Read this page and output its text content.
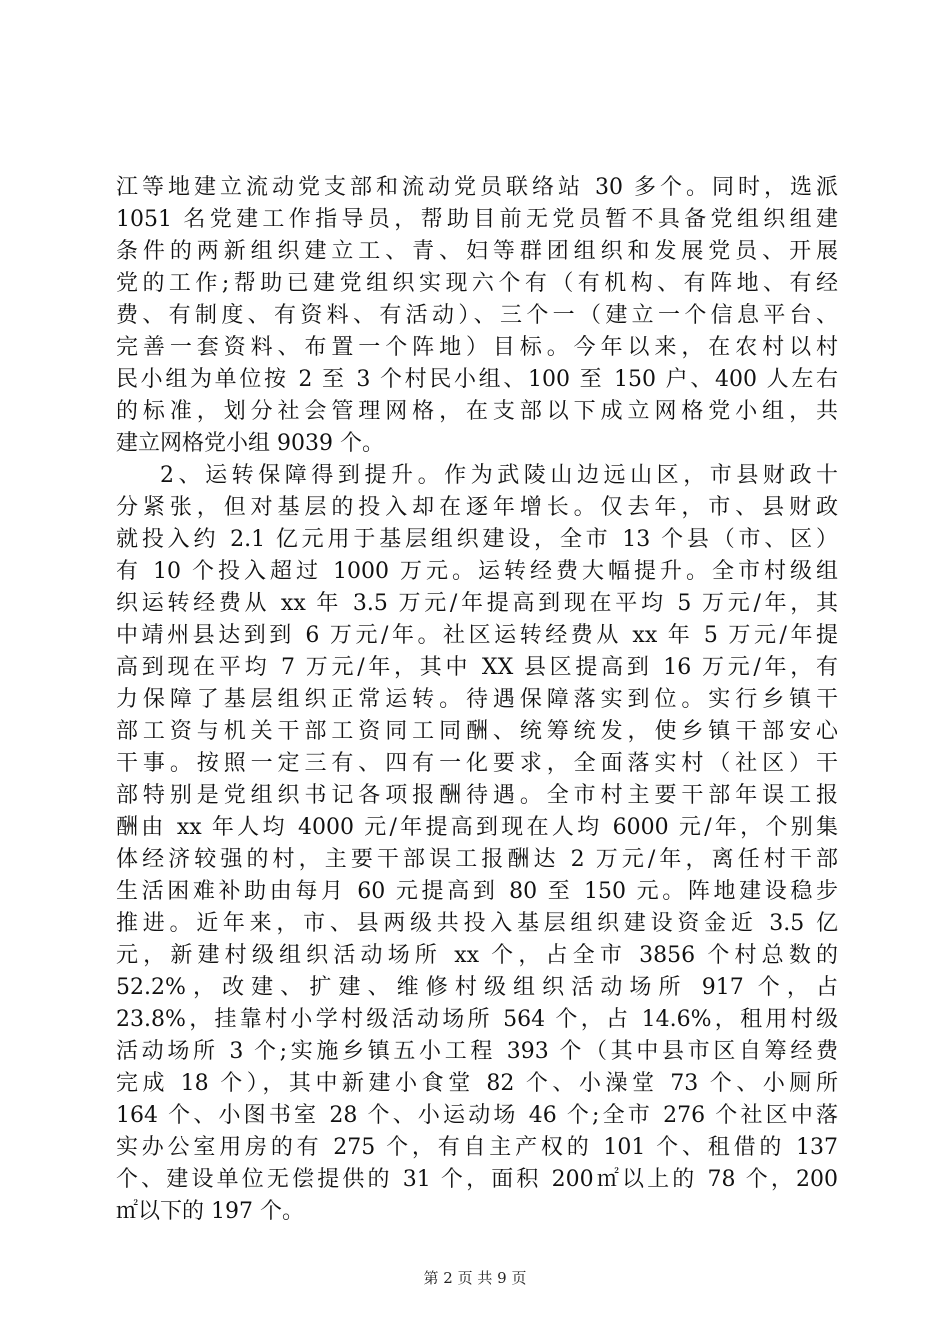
江等地建立流动党支部和流动党员联络站 30 多个。同时，选派
1051 名党建工作指导员，帮助目前无党员暂不具备党组织组建
条件的两新组织建立工、青、妇等群团组织和发展党员、开展
党的工作;帮助已建党组织实现六个有（有机构、有阵地、有经
费、有制度、有资料、有活动）、三个一（建立一个信息平台、
完善一套资料、布置一个阵地）目标。今年以来，在农村以村
民小组为单位按 2 至 3 个村民小组、100 至 150 户、400 人左右
的标准，划分社会管理网格，在支部以下成立网格党小组，共
建立网格党小组 9039 个。
2、运转保障得到提升。作为武陵山边远山区，市县财政十
分紧张，但对基层的投入却在逐年增长。仅去年，市、县财政
就投入约 2.1 亿元用于基层组织建设，全市 13 个县（市、区）
有 10 个投入超过 1000 万元。运转经费大幅提升。全市村级组
织运转经费从 xx 年 3.5 万元/年提高到现在平均 5 万元/年，其
中靖州县达到到 6 万元/年。社区运转经费从 xx 年 5 万元/年提
高到现在平均 7 万元/年，其中 XX 县区提高到 16 万元/年，有
力保障了基层组织正常运转。待遇保障落实到位。实行乡镇干
部工资与机关干部工资同工同酬、统筹统发，使乡镇干部安心
干事。按照一定三有、四有一化要求，全面落实村（社区）干
部特别是党组织书记各项报酬待遇。全市村主要干部年误工报
酬由 xx 年人均 4000 元/年提高到现在人均 6000 元/年，个别集
体经济较强的村，主要干部误工报酬达 2 万元/年，离任村干部
生活困难补助由每月 60 元提高到 80 至 150 元。阵地建设稳步
推进。近年来，市、县两级共投入基层组织建设资金近 3.5 亿
元，新建村级组织活动场所 xx 个，占全市 3856 个村总数的
52.2%，改建、扩建、维修村级组织活动场所 917 个，占
23.8%，挂靠村小学村级活动场所 564 个，占 14.6%，租用村级
活动场所 3 个;实施乡镇五小工程 393 个（其中县市区自筹经费
完成 18 个），其中新建小食堂 82 个、小澡堂 73 个、小厕所
164 个、小图书室 28 个、小运动场 46 个;全市 276 个社区中落
实办公室用房的有 275 个，有自主产权的 101 个、租借的 137
个、建设单位无偿提供的 31 个，面积 200㎡以上的 78 个，200
㎡以下的 197 个。
第 2 页 共 9 页
